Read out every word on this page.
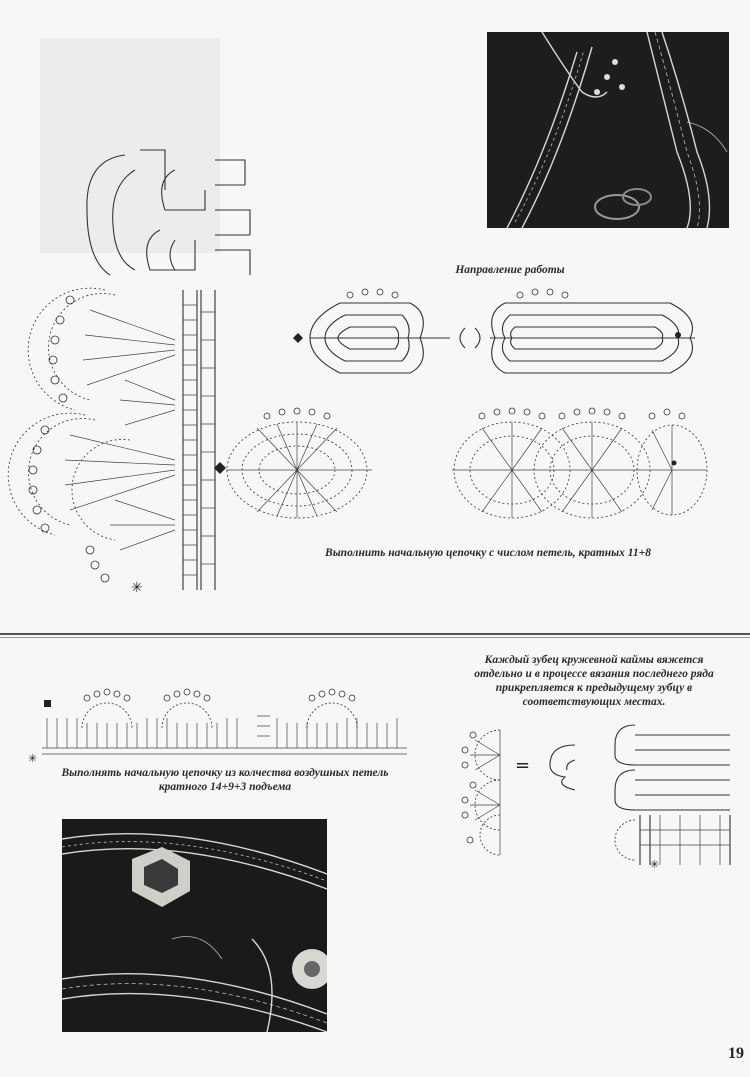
✳
Направление работы
Выполнить начальную цепочку с числом петель, кратных 11+8
Каждый зубец кружевной каймы вяжется отдельно и в процессе вязания последнего ряда прикрепляется к предыдущему зубцу в соответствующих местах.
✳
Выполнять начальную цепочку из колчества воздушных петель кратного 14+9+3 подъема
=
✳
19
